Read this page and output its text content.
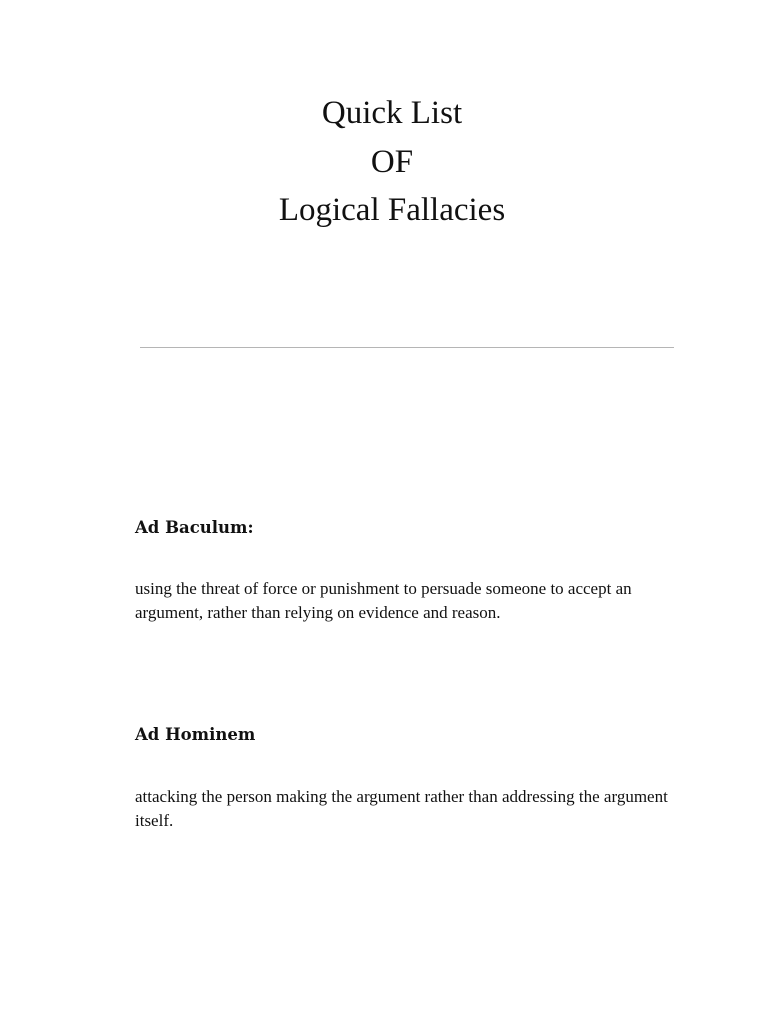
Quick List
OF
Logical Fallacies
Ad Baculum:
using the threat of force or punishment to persuade someone to accept an argument, rather than relying on evidence and reason.
Ad Hominem
attacking the person making the argument rather than addressing the argument itself.
